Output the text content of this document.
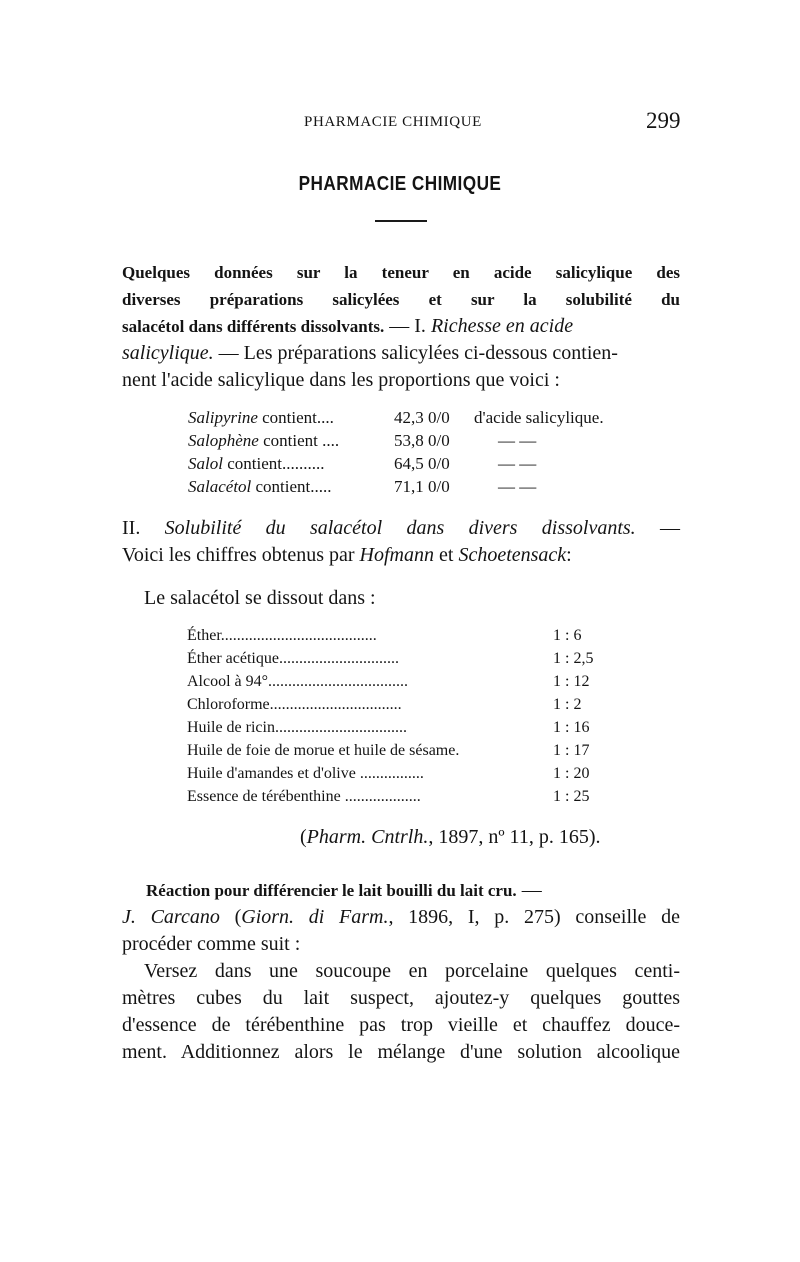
PHARMACIE CHIMIQUE	299
PHARMACIE CHIMIQUE
Quelques données sur la teneur en acide salicylique des
diverses préparations salicylées et sur la solubilité du
salacétol dans différents dissolvants. — I. Richesse en acide
salicylique. — Les préparations salicylées ci-dessous contien-
nent l'acide salicylique dans les proportions que voici :
Salipyrine contient....	42,3 0/0 d'acide salicylique.
Salophène contient ....	53,8 0/0	— —
Salol contient..........	64,5 0/0	— —
Salacétol contient.....	71,1 0/0	— —
II. Solubilité du salacétol dans divers dissolvants. —
Voici les chiffres obtenus par Hofmann et Schoetensack:
Le salacétol se dissout dans :
Éther.......................................	1 : 6
Éther acétique..............................	1 : 2,5
Alcool à 94°...................................	1 : 12
Chloroforme.................................	1 : 2
Huile de ricin.................................	1 : 16
Huile de foie de morue et huile de sésame.	1 : 17
Huile d'amandes et d'olive ................	1 : 20
Essence de térébenthine ...................	1 : 25
(Pharm. Cntrlh., 1897, nº 11, p. 165).
Réaction pour différencier le lait bouilli du lait cru. —
J. Carcano (Giorn. di Farm., 1896, I, p. 275) conseille de
procéder comme suit :
Versez dans une soucoupe en porcelaine quelques centi-
mètres cubes du lait suspect, ajoutez-y quelques gouttes
d'essence de térébenthine pas trop vieille et chauffez douce-
ment. Additionnez alors le mélange d'une solution alcoolique
